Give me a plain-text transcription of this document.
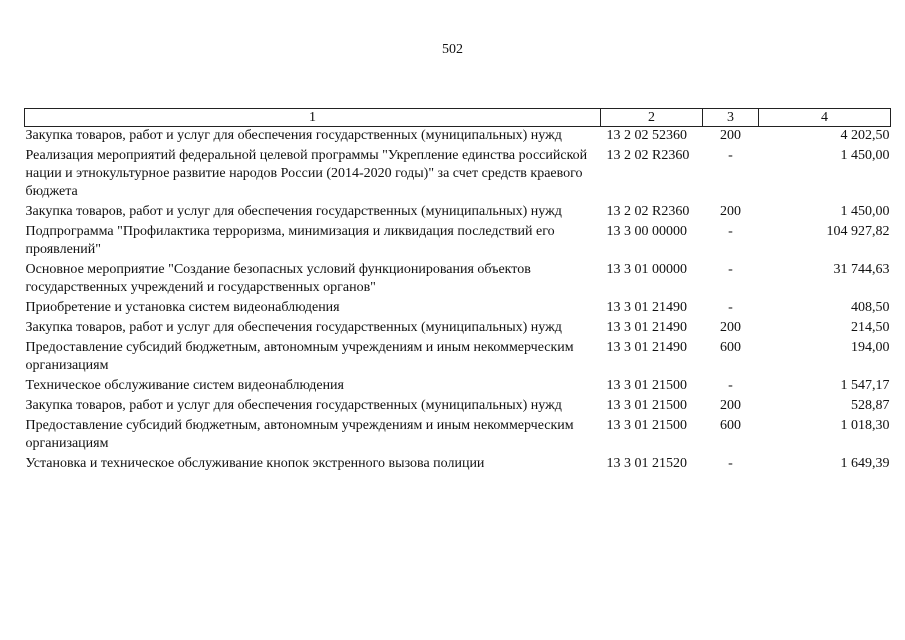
502
1	2	3	4
Закупка товаров, работ и услуг для обеспечения государственных (муниципальных) нужд	13 2 02 52360	200	4 202,50
Реализация мероприятий федеральной целевой программы "Укрепление единства российской нации и этнокультурное развитие народов России (2014-2020 годы)" за счет средств краевого бюджета	13 2 02 R2360	-	1 450,00
Закупка товаров, работ и услуг для обеспечения государственных (муниципальных) нужд	13 2 02 R2360	200	1 450,00
Подпрограмма "Профилактика терроризма, минимизация и ликвидация последствий его проявлений"	13 3 00 00000	-	104 927,82
Основное мероприятие "Создание безопасных условий функционирования объектов государственных учреждений и государственных органов"	13 3 01 00000	-	31 744,63
Приобретение и установка систем видеонаблюдения	13 3 01 21490	-	408,50
Закупка товаров, работ и услуг для обеспечения государственных (муниципальных) нужд	13 3 01 21490	200	214,50
Предоставление субсидий бюджетным, автономным учреждениям и иным некоммерческим организациям	13 3 01 21490	600	194,00
Техническое обслуживание систем видеонаблюдения	13 3 01 21500	-	1 547,17
Закупка товаров, работ и услуг для обеспечения государственных (муниципальных) нужд	13 3 01 21500	200	528,87
Предоставление субсидий бюджетным, автономным учреждениям и иным некоммерческим организациям	13 3 01 21500	600	1 018,30
Установка и техническое обслуживание кнопок экстренного вызова полиции	13 3 01 21520	-	1 649,39
